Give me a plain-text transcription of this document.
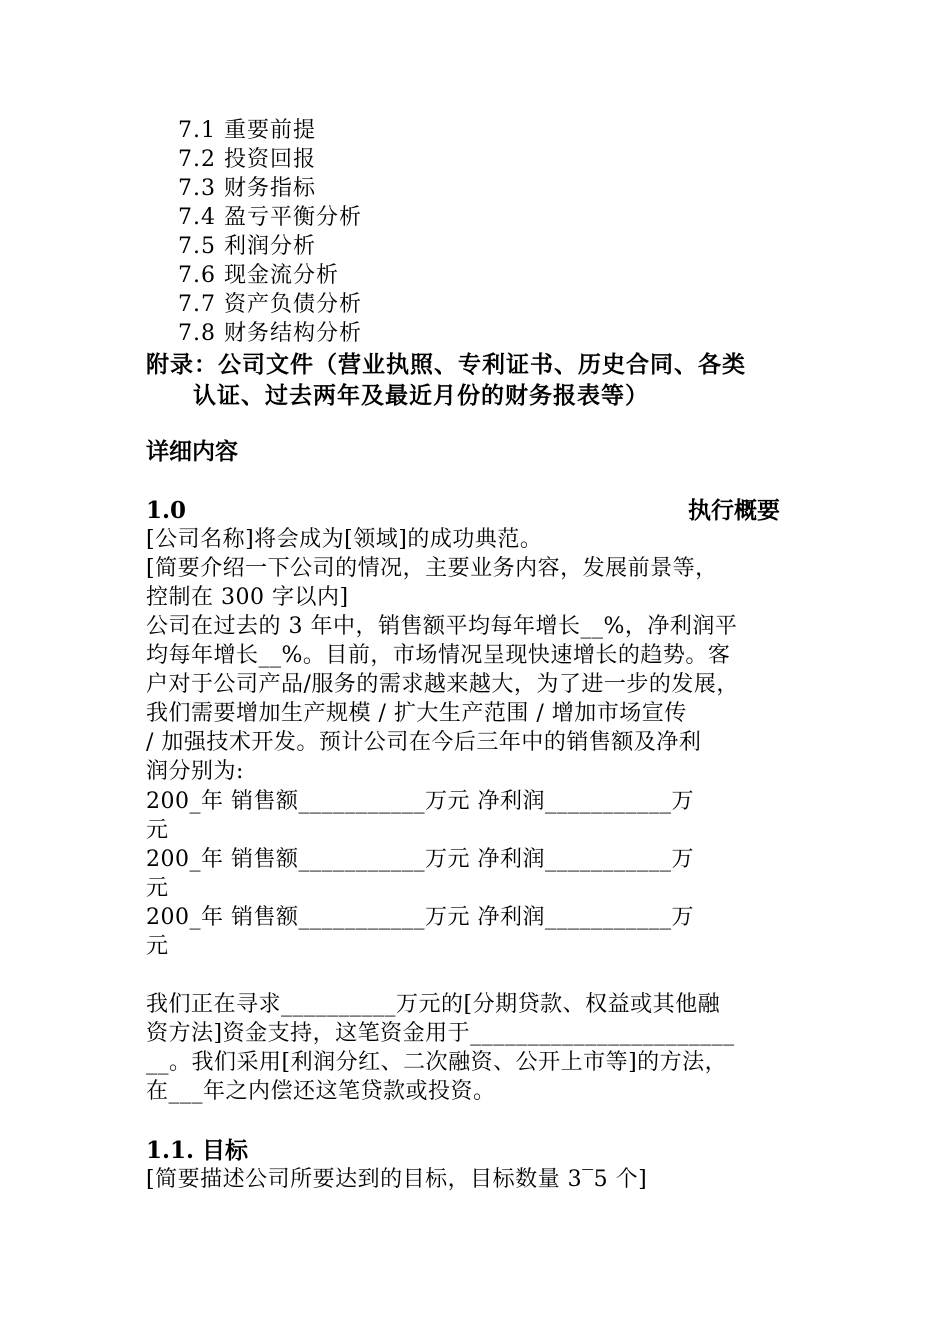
7.1 重要前提
7.2 投资回报
7.3 财务指标
7.4 盈亏平衡分析
7.5 利润分析
7.6 现金流分析
7.7 资产负债分析
7.8 财务结构分析
附录：公司文件（营业执照、专利证书、历史合同、各类
认证、过去两年及最近月份的财务报表等）
详细内容
1.0	执行概要
[公司名称]将会成为[领域]的成功典范。
[简要介绍一下公司的情况，主要业务内容，发展前景等，
控制在 300 字以内]
公司在过去的 3 年中，销售额平均每年增长__%，净利润平
均每年增长__%。目前，市场情况呈现快速增长的趋势。客
户对于公司产品/服务的需求越来越大，为了进一步的发展，
我们需要增加生产规模 / 扩大生产范围 / 增加市场宣传
/ 加强技术开发。预计公司在今后三年中的销售额及净利
润分别为:
200_年 销售额___________万元 净利润___________万
元
200_年 销售额___________万元 净利润___________万
元
200_年 销售额___________万元 净利润___________万
元
我们正在寻求__________万元的[分期贷款、权益或其他融
资方法]资金支持，这笔资金用于_______________________
__。我们采用[利润分红、二次融资、公开上市等]的方法，
在___年之内偿还这笔贷款或投资。
1.1. 目标
[简要描述公司所要达到的目标，目标数量 3‾5 个]
